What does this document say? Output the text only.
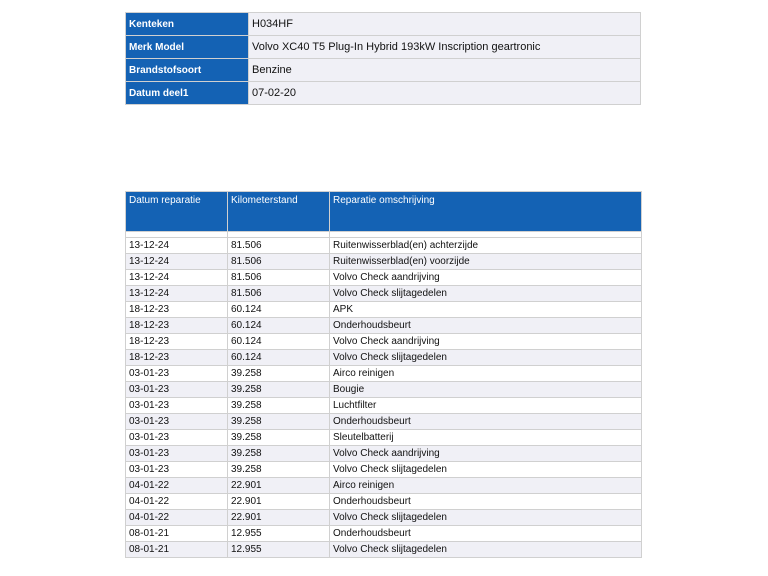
Kenteken	H034HF
Merk Model	Volvo XC40 T5 Plug-In Hybrid 193kW Inscription geartronic
Brandstofsoort	Benzine
Datum deel1	07-02-20
Datum reparatie	Kilometerstand	Reparatie omschrijving

13-12-24	81.506	Ruitenwisserblad(en) achterzijde
13-12-24	81.506	Ruitenwisserblad(en) voorzijde
13-12-24	81.506	Volvo Check aandrijving
13-12-24	81.506	Volvo Check slijtagedelen
18-12-23	60.124	APK
18-12-23	60.124	Onderhoudsbeurt
18-12-23	60.124	Volvo Check aandrijving
18-12-23	60.124	Volvo Check slijtagedelen
03-01-23	39.258	Airco reinigen
03-01-23	39.258	Bougie
03-01-23	39.258	Luchtfilter
03-01-23	39.258	Onderhoudsbeurt
03-01-23	39.258	Sleutelbatterij
03-01-23	39.258	Volvo Check aandrijving
03-01-23	39.258	Volvo Check slijtagedelen
04-01-22	22.901	Airco reinigen
04-01-22	22.901	Onderhoudsbeurt
04-01-22	22.901	Volvo Check slijtagedelen
08-01-21	12.955	Onderhoudsbeurt
08-01-21	12.955	Volvo Check slijtagedelen
